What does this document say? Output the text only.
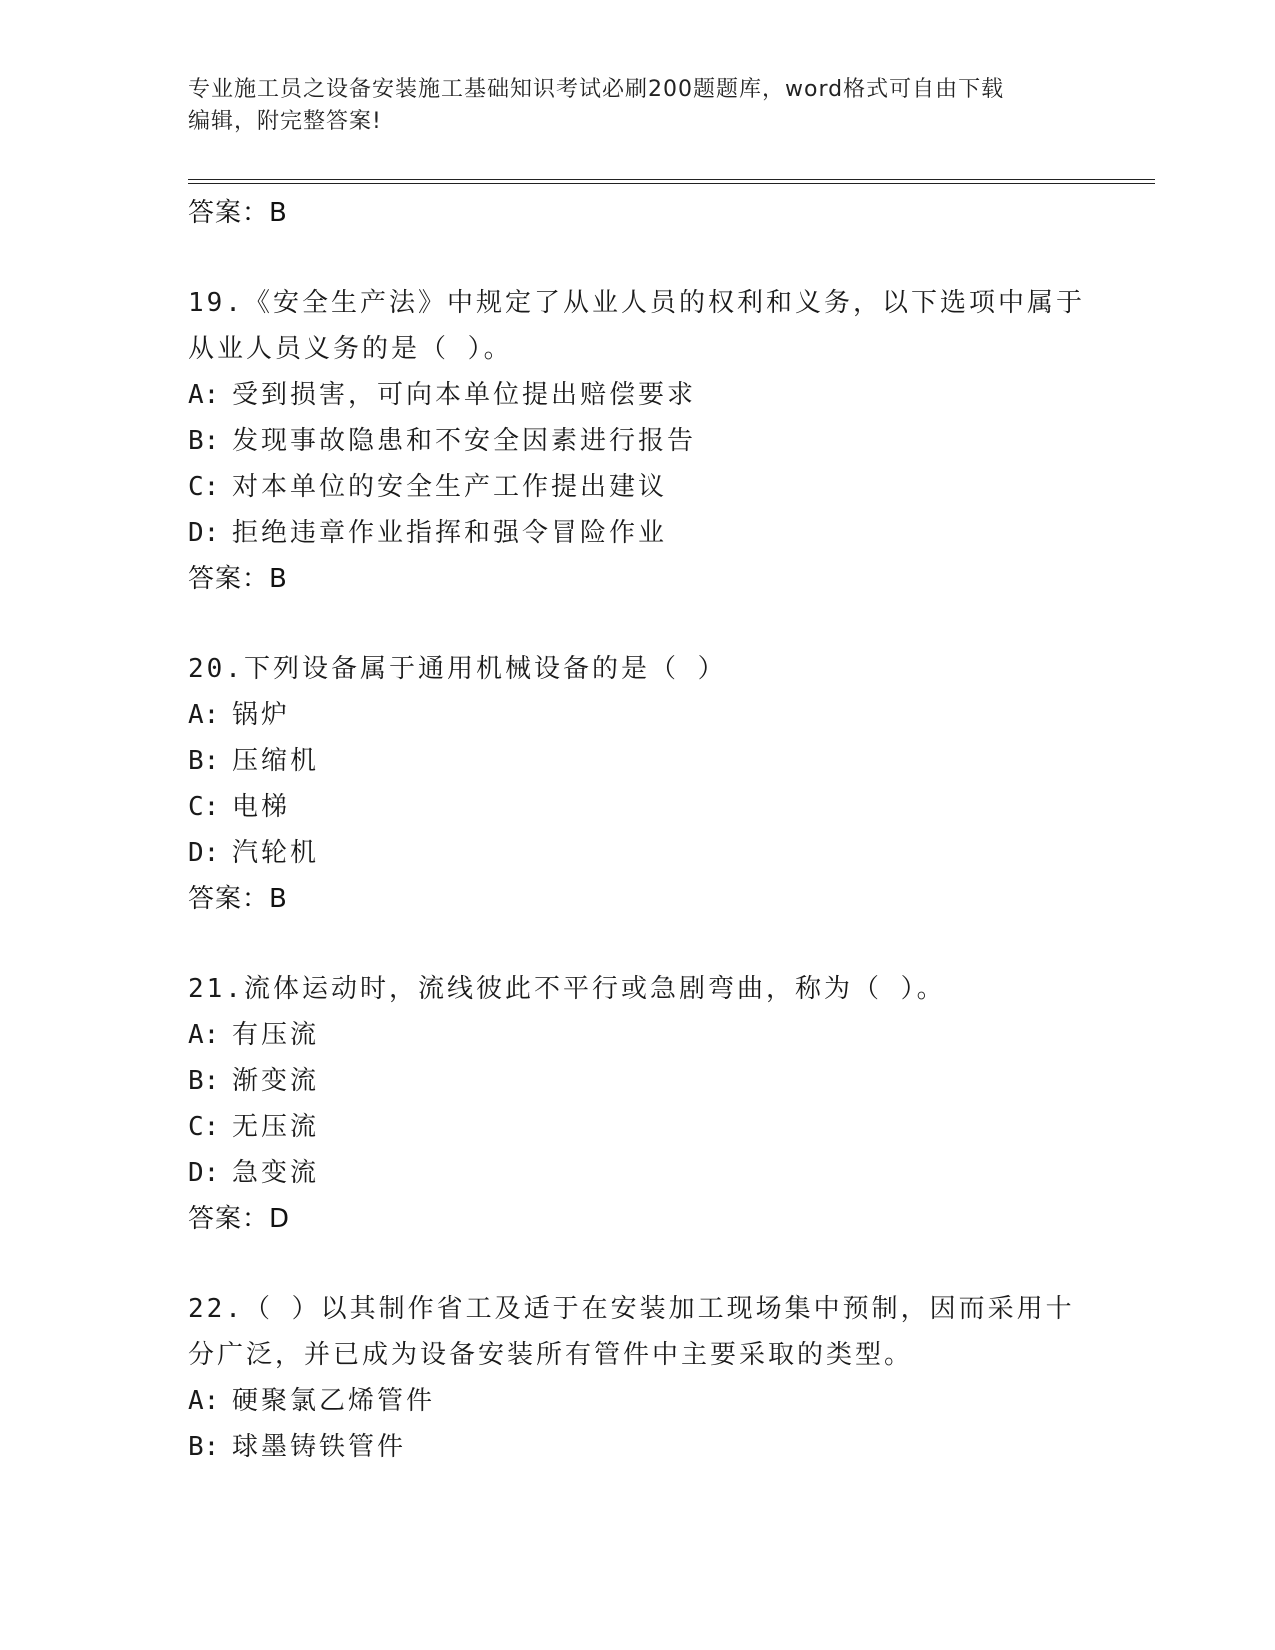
专业施工员之设备安装施工基础知识考试必刷200题题库，word格式可自由下载
编辑，附完整答案!
答案：B
19.《安全生产法》中规定了从业人员的权利和义务，以下选项中属于
从业人员义务的是（ ）。
A: 受到损害，可向本单位提出赔偿要求
B: 发现事故隐患和不安全因素进行报告
C: 对本单位的安全生产工作提出建议
D: 拒绝违章作业指挥和强令冒险作业
答案：B
20.下列设备属于通用机械设备的是（ ）
A: 锅炉
B: 压缩机
C: 电梯
D: 汽轮机
答案：B
21.流体运动时，流线彼此不平行或急剧弯曲，称为（ ）。
A: 有压流
B: 渐变流
C: 无压流
D: 急变流
答案：D
22.（ ）以其制作省工及适于在安装加工现场集中预制，因而采用十
分广泛，并已成为设备安装所有管件中主要采取的类型。
A: 硬聚氯乙烯管件
B: 球墨铸铁管件
